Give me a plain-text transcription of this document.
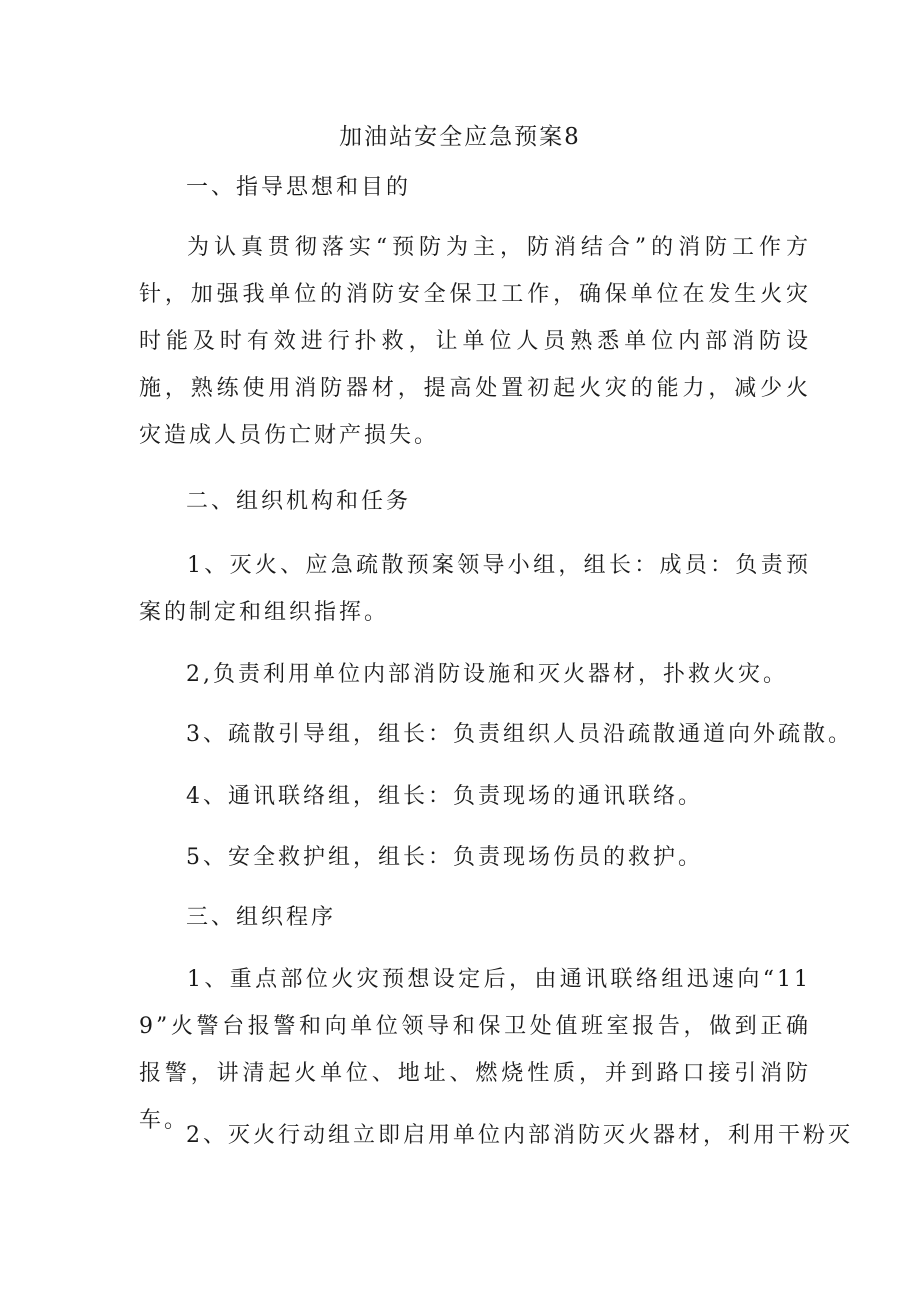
加油站安全应急预案8
一、指导思想和目的
为认真贯彻落实“预防为主，防消结合”的消防工作方针，加强我单位的消防安全保卫工作，确保单位在发生火灾时能及时有效进行扑救，让单位人员熟悉单位内部消防设施，熟练使用消防器材，提高处置初起火灾的能力，减少火灾造成人员伤亡财产损失。
二、组织机构和任务
1、灭火、应急疏散预案领导小组，组长：成员：负责预案的制定和组织指挥。
2,负责利用单位内部消防设施和灭火器材，扑救火灾。
3、疏散引导组，组长：负责组织人员沿疏散通道向外疏散。
4、通讯联络组，组长：负责现场的通讯联络。
5、安全救护组，组长：负责现场伤员的救护。
三、组织程序
1、重点部位火灾预想设定后，由通讯联络组迅速向“119”火警台报警和向单位领导和保卫处值班室报告，做到正确报警，讲清起火单位、地址、燃烧性质，并到路口接引消防车。
2、灭火行动组立即启用单位内部消防灭火器材，利用干粉灭
